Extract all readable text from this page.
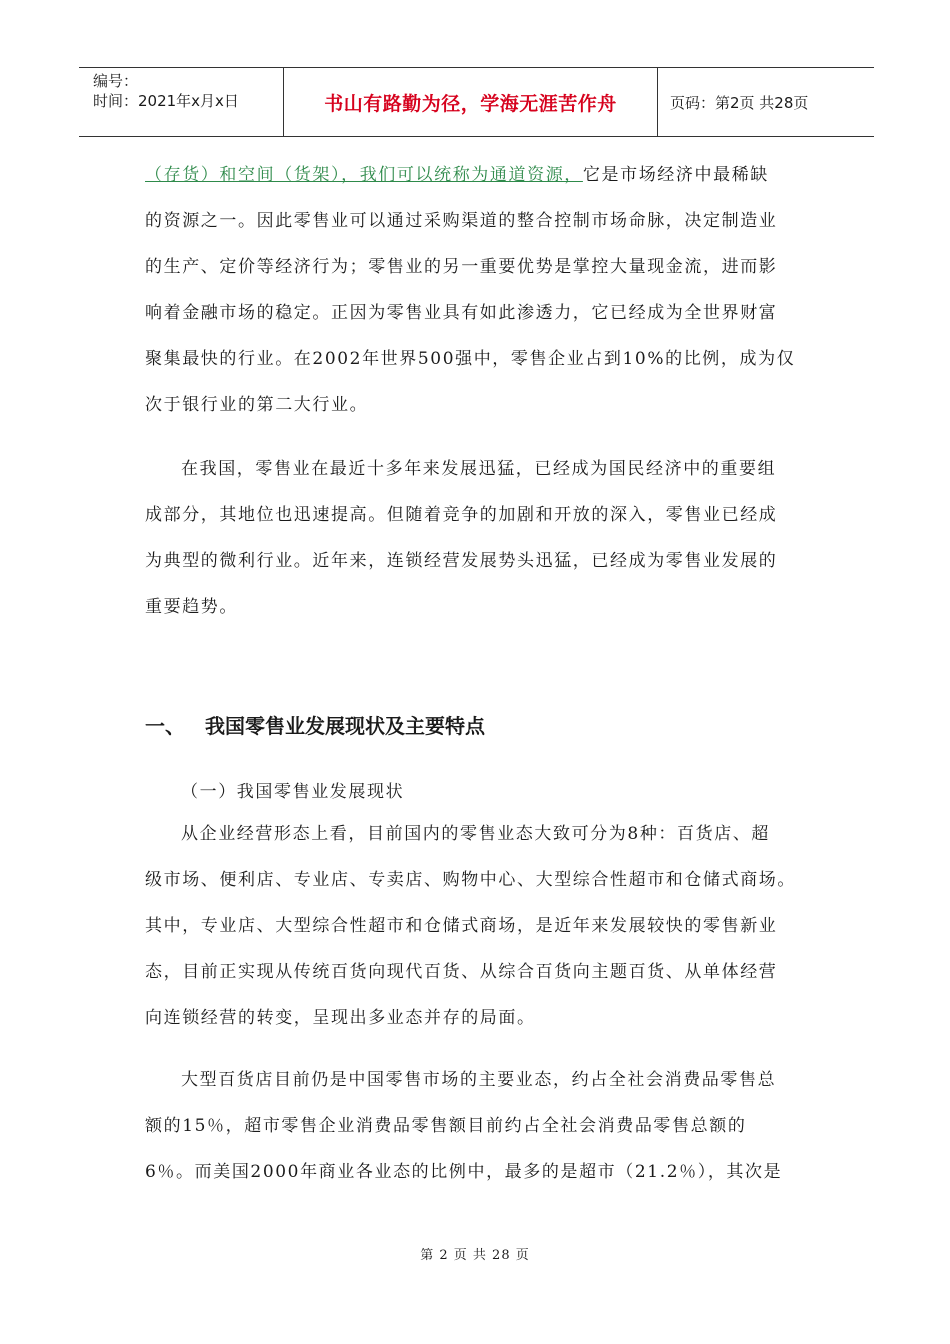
编号：
时间：2021年x月x日	书山有路勤为径，学海无涯苦作舟	页码：第2页 共28页
（存货）和空间（货架），我们可以统称为通道资源，它是市场经济中最稀缺
的资源之一。因此零售业可以通过采购渠道的整合控制市场命脉，决定制造业
的生产、定价等经济行为；零售业的另一重要优势是掌控大量现金流，进而影
响着金融市场的稳定。正因为零售业具有如此渗透力，它已经成为全世界财富
聚集最快的行业。在2002年世界500强中，零售企业占到10%的比例，成为仅
次于银行业的第二大行业。
在我国，零售业在最近十多年来发展迅猛，已经成为国民经济中的重要组
成部分，其地位也迅速提高。但随着竞争的加剧和开放的深入，零售业已经成
为典型的微利行业。近年来，连锁经营发展势头迅猛，已经成为零售业发展的
重要趋势。
一、 我国零售业发展现状及主要特点
（一）我国零售业发展现状
从企业经营形态上看，目前国内的零售业态大致可分为8种：百货店、超
级市场、便利店、专业店、专卖店、购物中心、大型综合性超市和仓储式商场。
其中，专业店、大型综合性超市和仓储式商场，是近年来发展较快的零售新业
态，目前正实现从传统百货向现代百货、从综合百货向主题百货、从单体经营
向连锁经营的转变，呈现出多业态并存的局面。
大型百货店目前仍是中国零售市场的主要业态，约占全社会消费品零售总
额的15％，超市零售企业消费品零售额目前约占全社会消费品零售总额的
6％。而美国2000年商业各业态的比例中，最多的是超市（21.2％），其次是
第 2 页 共 28 页
